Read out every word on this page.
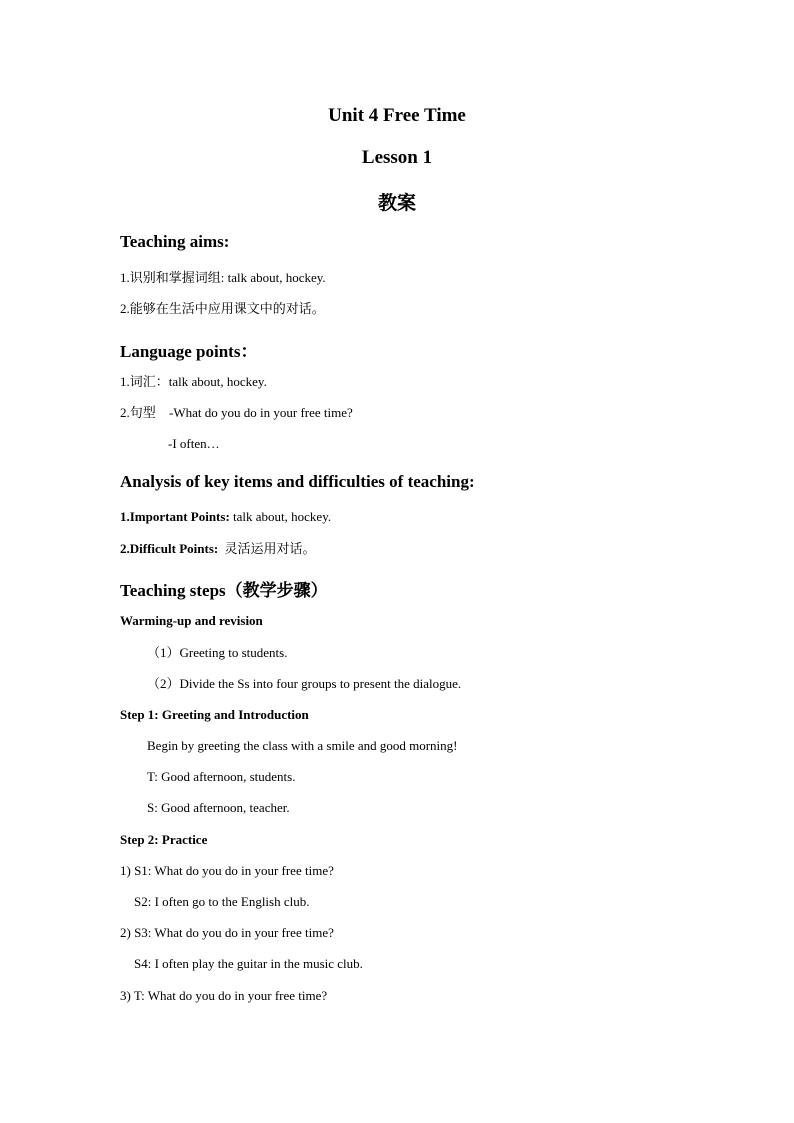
Unit 4 Free Time
Lesson 1
教案
Teaching aims:
1.识别和掌握词组: talk about, hockey.
2.能够在生活中应用课文中的对话。
Language points：
1.词汇：talk about, hockey.
2.句型 -What do you do in your free time?
-I often…
Analysis of key items and difficulties of teaching:
1.Important Points: talk about, hockey.
2.Difficult Points: 灵活运用对话。
Teaching steps（教学步骤）
Warming-up and revision
（1）Greeting to students.
（2）Divide the Ss into four groups to present the dialogue.
Step 1: Greeting and Introduction
Begin by greeting the class with a smile and good morning!
T: Good afternoon, students.
S: Good afternoon, teacher.
Step 2: Practice
1) S1: What do you do in your free time?
S2: I often go to the English club.
2) S3: What do you do in your free time?
S4: I often play the guitar in the music club.
3) T: What do you do in your free time?
